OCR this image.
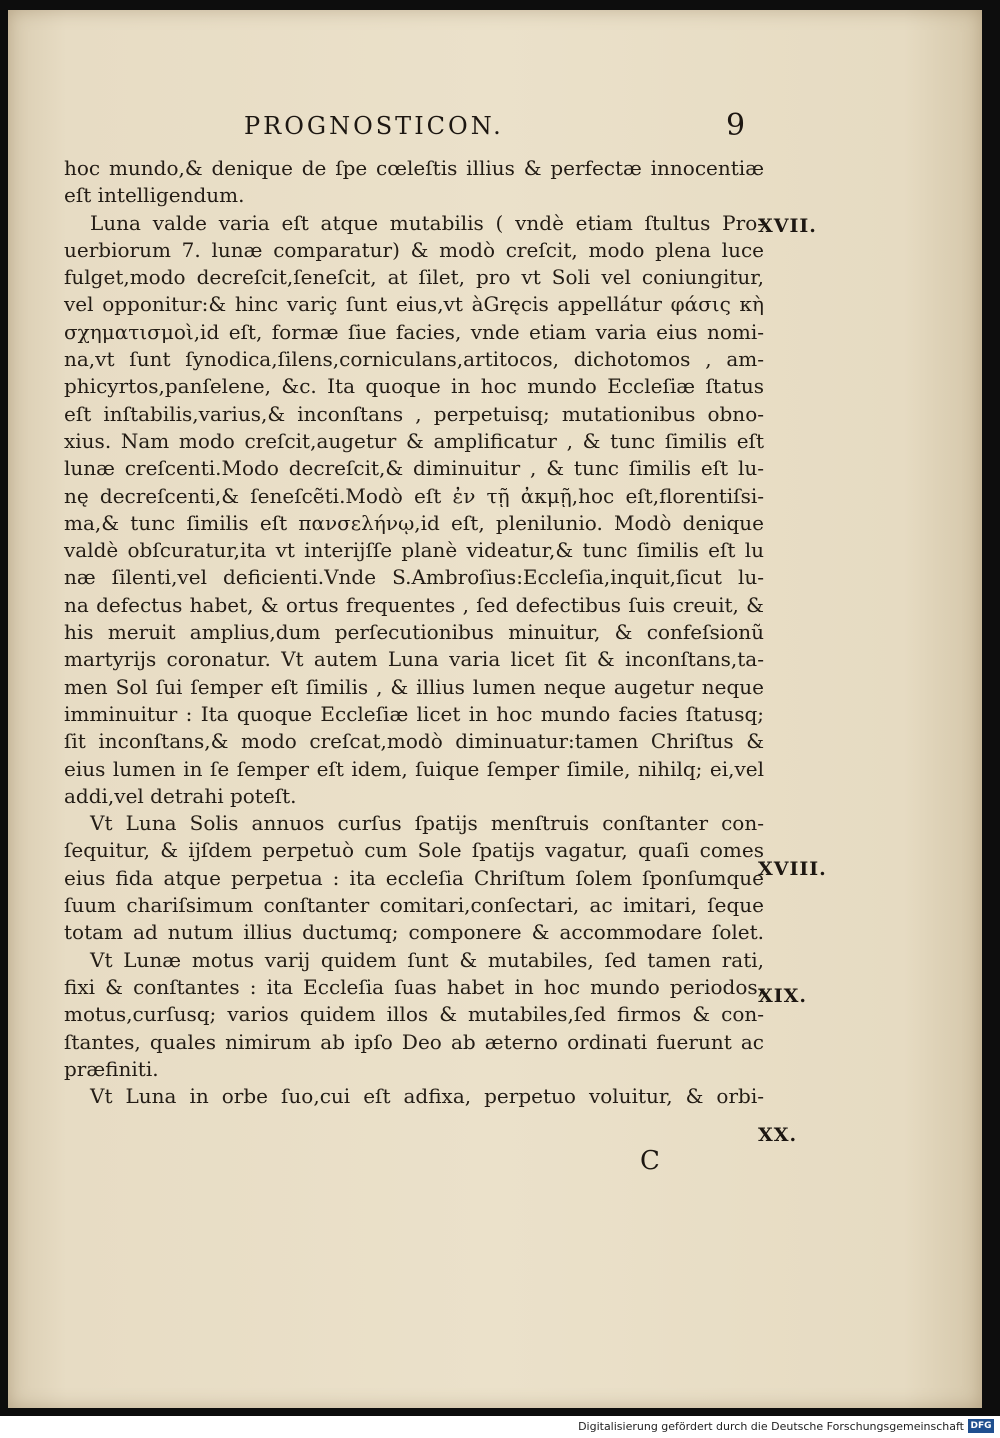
PROGNOSTICON.	9
hoc mundo,& denique de ſpe cœleſtis illius & perfectæ innocentiæ
eſt intelligendum.
Luna valde varia eſt atque mutabilis ( vndè etiam ſtultus Pro-
uerbiorum 7. lunæ comparatur) & modò creſcit, modo plena luce
fulget,modo decreſcit,ſeneſcit, at ſilet, pro vt Soli vel coniungitur,
vel opponitur:& hinc variç ſunt eius,vt àGręcis appellátur φάσις κὴ
σχηματισμοὶ,id eſt, formæ ſiue facies, vnde etiam varia eius nomi-
na,vt ſunt ſynodica,ſilens,corniculans,artitocos, dichotomos , am-
phicyrtos,panſelene, &c. Ita quoque in hoc mundo Eccleſiæ ſtatus
eſt inſtabilis,varius,& inconſtans , perpetuisq; mutationibus obno-
xius. Nam modo creſcit,augetur & amplificatur , & tunc ſimilis eſt
lunæ creſcenti.Modo decreſcit,& diminuitur , & tunc ſimilis eſt lu-
nę decreſcenti,& ſeneſcẽti.Modò eſt ἐν τῇ ἀκμῇ,hoc eſt,florentiſsi-
ma,& tunc ſimilis eſt πανσελήνῳ,id eſt, plenilunio. Modò denique
valdè obſcuratur,ita vt interijſſe planè videatur,& tunc ſimilis eſt lu
næ ſilenti,vel deficienti.Vnde S.Ambroſius:Eccleſia,inquit,ſicut lu-
na defectus habet, & ortus frequentes , ſed defectibus ſuis creuit, &
his meruit amplius,dum perſecutionibus minuitur, & confeſsionũ
martyrijs coronatur. Vt autem Luna varia licet ſit & inconſtans,ta-
men Sol ſui ſemper eſt ſimilis , & illius lumen neque augetur neque
imminuitur : Ita quoque Eccleſiæ licet in hoc mundo facies ſtatusq;
ſit inconſtans,& modo creſcat,modò diminuatur:tamen Chriſtus &
eius lumen in ſe ſemper eſt idem, ſuique ſemper ſimile, nihilq; ei,vel
addi,vel detrahi poteſt.
Vt Luna Solis annuos curſus ſpatijs menſtruis conſtanter con-
ſequitur, & ijſdem perpetuò cum Sole ſpatijs vagatur, quaſi comes
eius fida atque perpetua : ita eccleſia Chriſtum ſolem ſponſumque
ſuum chariſsimum conſtanter comitari,conſectari, ac imitari, ſeque
totam ad nutum illius ductumq; componere & accommodare ſolet.
Vt Lunæ motus varij quidem ſunt & mutabiles, ſed tamen rati,
fixi & conſtantes : ita Eccleſia ſuas habet in hoc mundo periodos,
motus,curſusq; varios quidem illos & mutabiles,ſed firmos & con-
ſtantes, quales nimirum ab ipſo Deo ab æterno ordinati fuerunt ac
præfiniti.
Vt Luna in orbe ſuo,cui eſt adfixa, perpetuo voluitur, & orbi-
XVII.
XVIII.
XIX.
XX.
C
Digitalisierung gefördert durch die Deutsche Forschungsgemeinschaft DFG
